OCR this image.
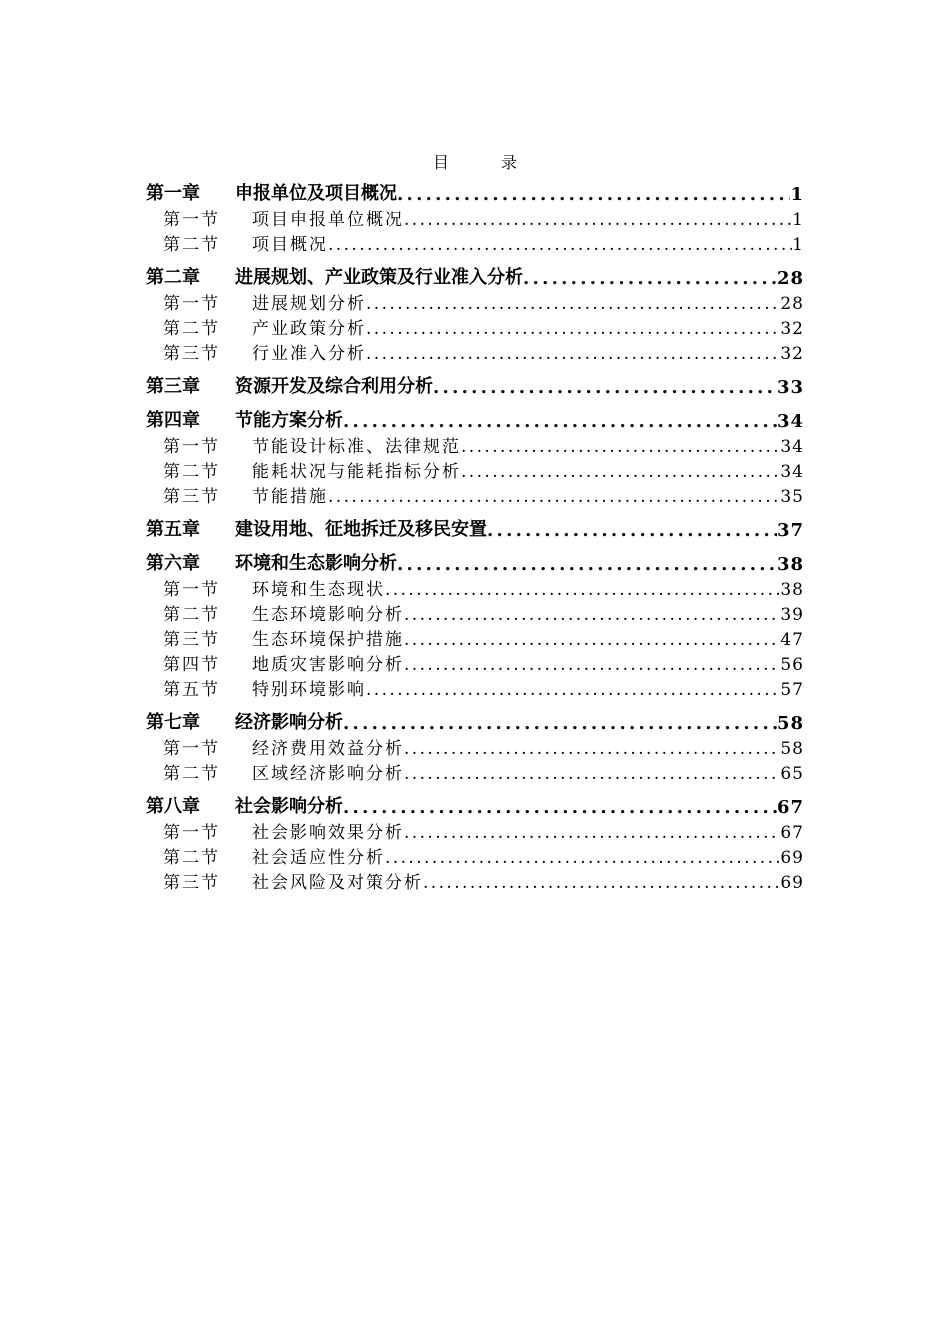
目　录
第一章	申报单位及项目概况 . . .	1
第一节	项目申报单位概况 . . .	1
第二节	项目概况 . . .	1
第二章	进展规划、产业政策及行业准入分析 . . .	28
第一节	进展规划分析 . . .	28
第二节	产业政策分析 . . .	32
第三节	行业准入分析 . . .	32
第三章	资源开发及综合利用分析 . . .	33
第四章	节能方案分析 . . .	34
第一节	节能设计标准、法律规范 . . .	34
第二节	能耗状况与能耗指标分析 . . .	34
第三节	节能措施 . . .	35
第五章	建设用地、征地拆迁及移民安置 . . .	37
第六章	环境和生态影响分析 . . .	38
第一节	环境和生态现状 . . .	38
第二节	生态环境影响分析 . . .	39
第三节	生态环境保护措施 . . .	47
第四节	地质灾害影响分析 . . .	56
第五节	特别环境影响 . . .	57
第七章	经济影响分析 . . .	58
第一节	经济费用效益分析 . . .	58
第二节	区域经济影响分析 . . .	65
第八章	社会影响分析 . . .	67
第一节	社会影响效果分析 . . .	67
第二节	社会适应性分析 . . .	69
第三节	社会风险及对策分析 . . .	69
